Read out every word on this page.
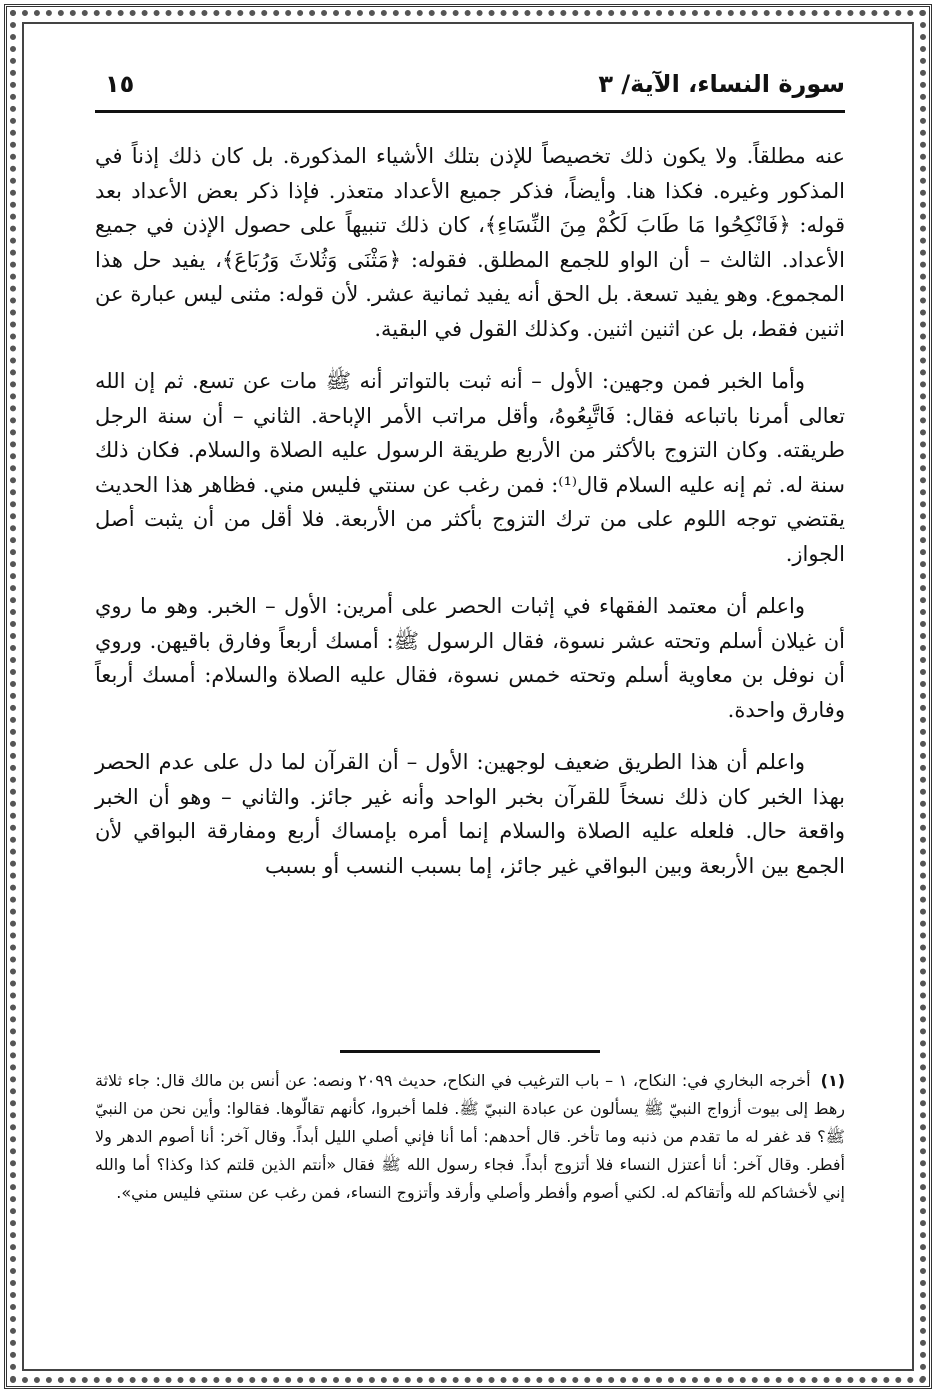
سورة النساء، الآية/ ٣
١٥

عنه مطلقاً. ولا يكون ذلك تخصيصاً للإذن بتلك الأشياء المذكورة. بل كان ذلك إذناً في المذكور وغيره. فكذا هنا. وأيضاً، فذكر جميع الأعداد متعذر. فإذا ذكر بعض الأعداد بعد قوله: ﴿فَانْكِحُوا مَا طَابَ لَكُمْ مِنَ النِّسَاءِ﴾، كان ذلك تنبيهاً على حصول الإذن في جميع الأعداد. الثالث – أن الواو للجمع المطلق. فقوله: ﴿مَثْنَى وَثُلاثَ وَرُبَاعَ﴾، يفيد حل هذا المجموع. وهو يفيد تسعة. بل الحق أنه يفيد ثمانية عشر. لأن قوله: مثنى ليس عبارة عن اثنين فقط، بل عن اثنين اثنين. وكذلك القول في البقية.

وأما الخبر فمن وجهين: الأول – أنه ثبت بالتواتر أنه ﷺ مات عن تسع. ثم إن الله تعالى أمرنا باتباعه فقال: فَاتَّبِعُوهُ، وأقل مراتب الأمر الإباحة. الثاني – أن سنة الرجل طريقته. وكان التزوج بالأكثر من الأربع طريقة الرسول عليه الصلاة والسلام. فكان ذلك سنة له. ثم إنه عليه السلام قال⁽¹⁾: فمن رغب عن سنتي فليس مني. فظاهر هذا الحديث يقتضي توجه اللوم على من ترك التزوج بأكثر من الأربعة. فلا أقل من أن يثبت أصل الجواز.

واعلم أن معتمد الفقهاء في إثبات الحصر على أمرين: الأول – الخبر. وهو ما روي أن غيلان أسلم وتحته عشر نسوة، فقال الرسول ﷺ: أمسك أربعاً وفارق باقيهن. وروي أن نوفل بن معاوية أسلم وتحته خمس نسوة، فقال عليه الصلاة والسلام: أمسك أربعاً وفارق واحدة.

واعلم أن هذا الطريق ضعيف لوجهين: الأول – أن القرآن لما دل على عدم الحصر بهذا الخبر كان ذلك نسخاً للقرآن بخبر الواحد وأنه غير جائز. والثاني – وهو أن الخبر واقعة حال. فلعله عليه الصلاة والسلام إنما أمره بإمساك أربع ومفارقة البواقي لأن الجمع بين الأربعة وبين البواقي غير جائز، إما بسبب النسب أو بسبب

(١)أخرجه البخاري في: النكاح، ١ – باب الترغيب في النكاح، حديث ٢٠٩٩ ونصه: عن أنس بن مالك قال: جاء ثلاثة رهط إلى بيوت أزواج النبيّ ﷺ يسألون عن عبادة النبيّ ﷺ. فلما أخبروا، كأنهم تقالّوها. فقالوا: وأين نحن من النبيّ ﷺ؟ قد غفر له ما تقدم من ذنبه وما تأخر. قال أحدهم: أما أنا فإني أصلي الليل أبداً. وقال آخر: أنا أصوم الدهر ولا أفطر. وقال آخر: أنا أعتزل النساء فلا أتزوج أبداً. فجاء رسول الله ﷺ فقال «أنتم الذين قلتم كذا وكذا؟ أما والله إني لأخشاكم لله وأتقاكم له. لكني أصوم وأفطر وأصلي وأرقد وأتزوج النساء، فمن رغب عن سنتي فليس مني».
